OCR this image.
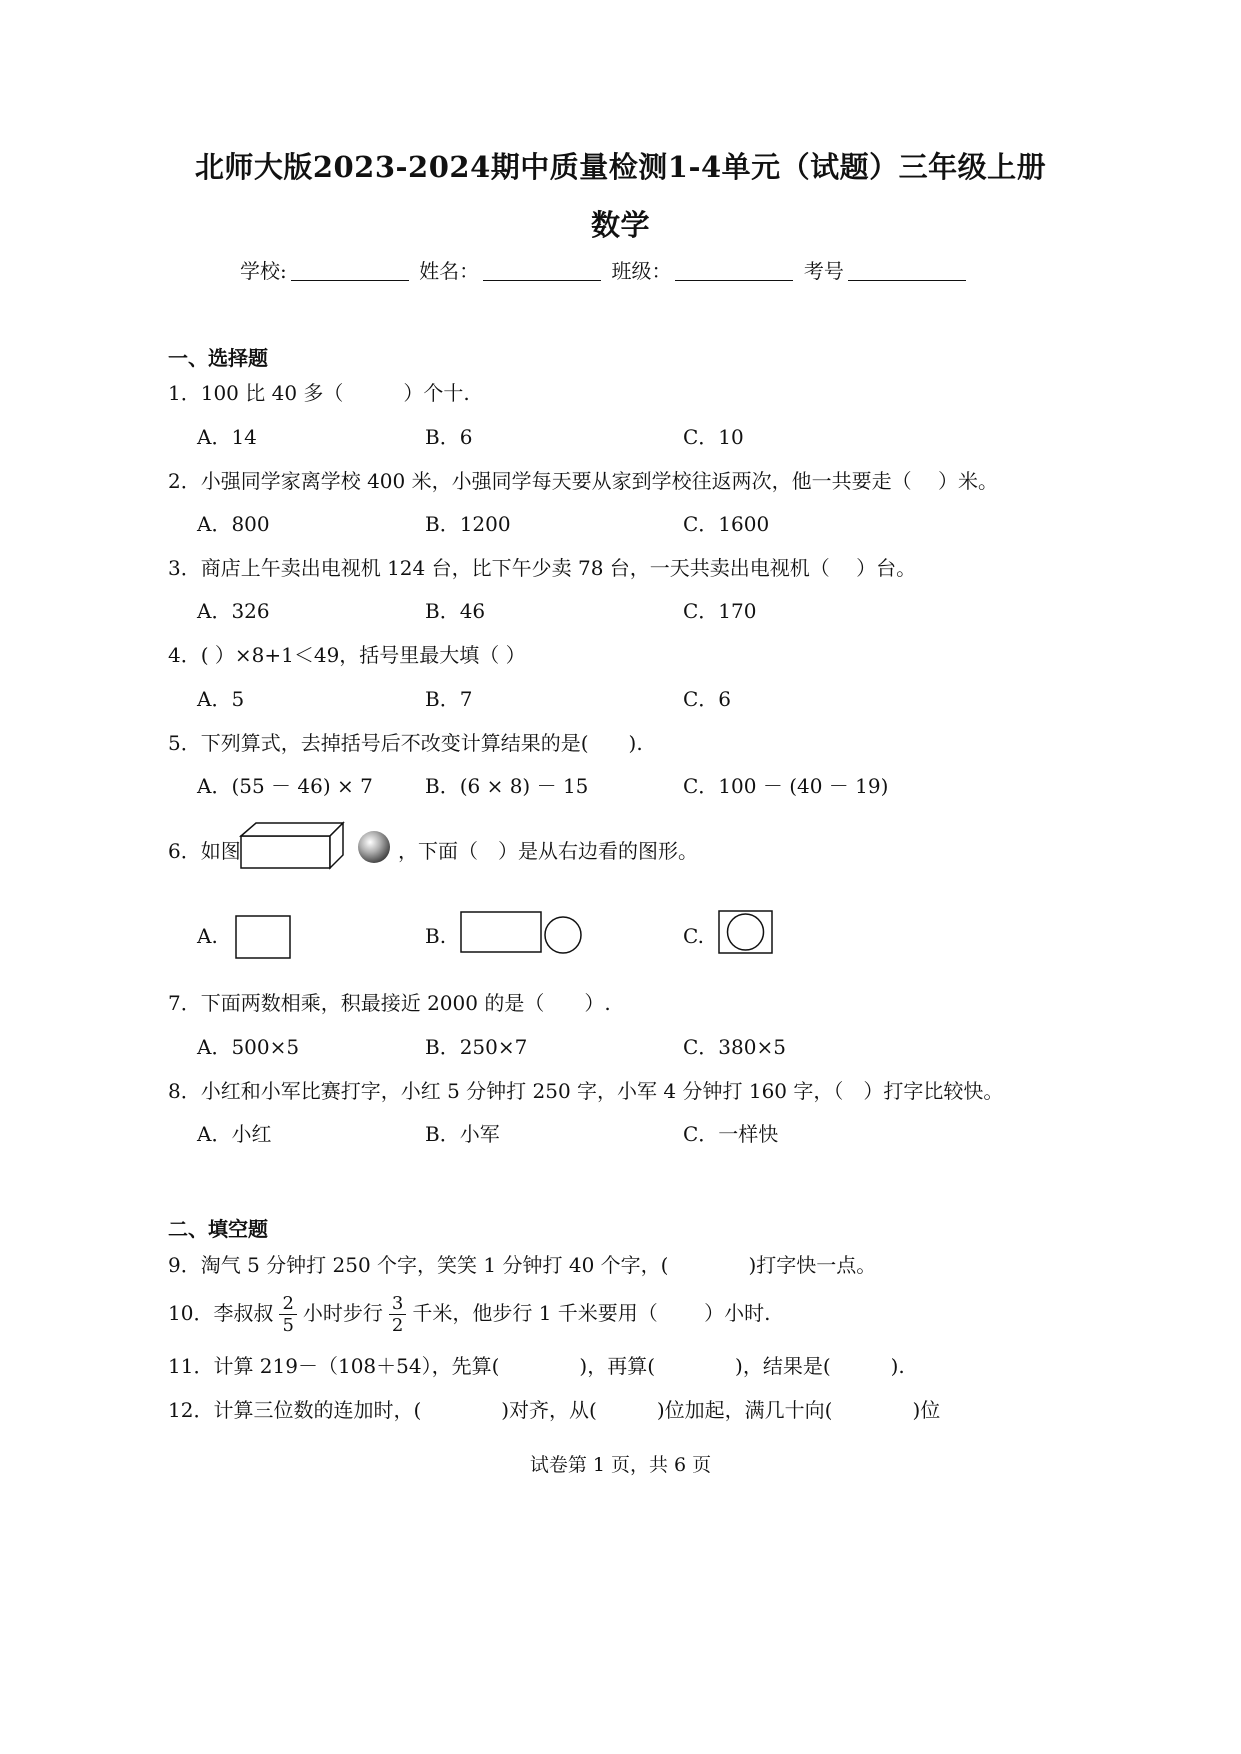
北师大版2023-2024期中质量检测1-4单元（试题）三年级上册
数学
学校:	姓名：	班级：	考号
一、选择题
1．100 比 40 多（　　　）个十.
A．14	B．6	C．10
2．小强同学家离学校 400 米，小强同学每天要从家到学校往返两次，他一共要走（　 ）米。
A．800	B．1200	C．1600
3．商店上午卖出电视机 124 台，比下午少卖 78 台，一天共卖出电视机（　 ）台。
A．326	B．46	C．170
4．( ）×8+1＜49，括号里最大填（ ）
A．5	B．7	C．6
5．下列算式，去掉括号后不改变计算结果的是(　　).
A．(55 － 46) × 7	B．(6 × 8) － 15	C．100 － (40 － 19)
6．如图	，下面（　）是从右边看的图形。
A.	B.	C.
7．下面两数相乘，积最接近 2000 的是（　　）.
A．500×5	B．250×7	C．380×5
8．小红和小军比赛打字，小红 5 分钟打 250 字，小军 4 分钟打 160 字，（　）打字比较快。
A．小红	B．小军	C．一样快
二、填空题
9．淘气 5 分钟打 250 个字，笑笑 1 分钟打 40 个字，(　　　　)打字快一点。
10．李叔叔 $\frac{2}{5}$ 小时步行 $\frac{3}{2}$ 千米，他步行 1 千米要用（　　 ）小时.
11．计算 219－（108＋54），先算(　　　　)，再算(　　　　)，结果是(　　　).
12．计算三位数的连加时，(　　　　)对齐，从(　　　)位加起，满几十向(　　　　)位
试卷第 1 页，共 6 页
